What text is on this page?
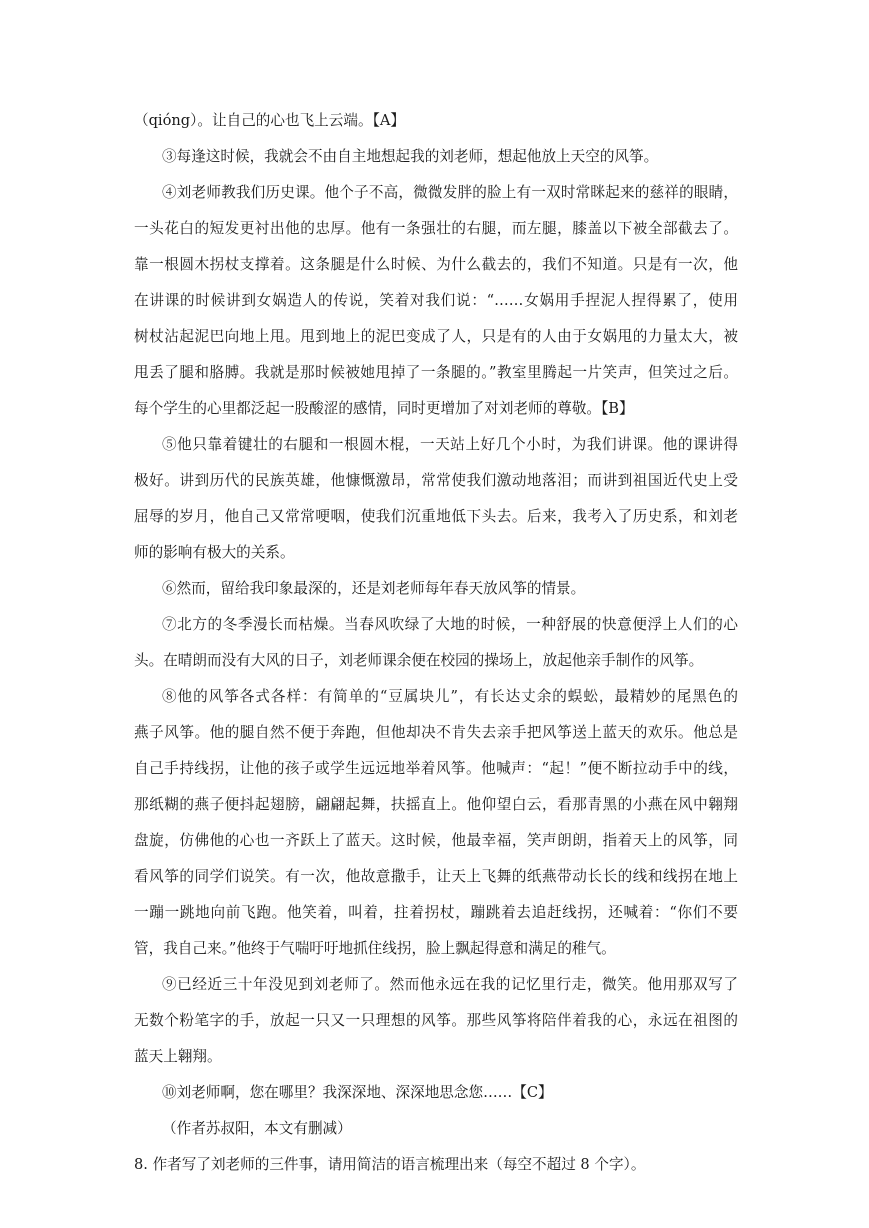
（qióng）。让自己的心也飞上云端。【A】
③每逢这时候，我就会不由自主地想起我的刘老师，想起他放上天空的风筝。
④刘老师教我们历史课。他个子不高，微微发胖的脸上有一双时常眯起来的慈祥的眼睛，
一头花白的短发更衬出他的忠厚。他有一条强壮的右腿，而左腿，膝盖以下被全部截去了。
靠一根圆木拐杖支撑着。这条腿是什么时候、为什么截去的，我们不知道。只是有一次，他
在讲课的时候讲到女娲造人的传说，笑着对我们说：“……女娲用手捏泥人捏得累了，使用
树杖沾起泥巴向地上甩。甩到地上的泥巴变成了人，只是有的人由于女娲甩的力量太大，被
甩丢了腿和胳膊。我就是那时候被她甩掉了一条腿的。”教室里腾起一片笑声，但笑过之后。
每个学生的心里都泛起一股酸涩的感情，同时更增加了对刘老师的尊敬。【B】
⑤他只靠着键壮的右腿和一根圆木棍，一天站上好几个小时，为我们讲课。他的课讲得
极好。讲到历代的民族英雄，他慷慨激昂，常常使我们激动地落泪；而讲到祖国近代史上受
屈辱的岁月，他自己又常常哽咽，使我们沉重地低下头去。后来，我考入了历史系，和刘老
师的影响有极大的关系。
⑥然而，留给我印象最深的，还是刘老师每年春天放风筝的情景。
⑦北方的冬季漫长而枯燥。当春风吹绿了大地的时候，一种舒展的快意便浮上人们的心
头。在晴朗而没有大风的日子，刘老师课余便在校园的操场上，放起他亲手制作的风筝。
⑧他的风筝各式各样：有简单的“豆属块儿”，有长达丈余的蜈蚣，最精妙的尾黑色的
燕子风筝。他的腿自然不便于奔跑，但他却决不肯失去亲手把风筝送上蓝天的欢乐。他总是
自己手持线拐，让他的孩子或学生远远地举着风筝。他喊声：“起！”便不断拉动手中的线，
那纸糊的燕子便抖起翅膀，翩翩起舞，扶摇直上。他仰望白云，看那青黑的小燕在风中翱翔
盘旋，仿佛他的心也一齐跃上了蓝天。这时候，他最幸福，笑声朗朗，指着天上的风筝，同
看风筝的同学们说笑。有一次，他故意撒手，让天上飞舞的纸燕带动长长的线和线拐在地上
一蹦一跳地向前飞跑。他笑着，叫着，拄着拐杖，蹦跳着去追赶线拐，还喊着：“你们不要
管，我自己来。”他终于气喘吁吁地抓住线拐，脸上飘起得意和满足的稚气。
⑨已经近三十年没见到刘老师了。然而他永远在我的记忆里行走，微笑。他用那双写了
无数个粉笔字的手，放起一只又一只理想的风筝。那些风筝将陪伴着我的心，永远在祖图的
蓝天上翱翔。
⑩刘老师啊，您在哪里？我深深地、深深地思念您……【C】
（作者苏叔阳，本文有删减）
8. 作者写了刘老师的三件事，请用简洁的语言梳理出来（每空不超过 8 个字）。
